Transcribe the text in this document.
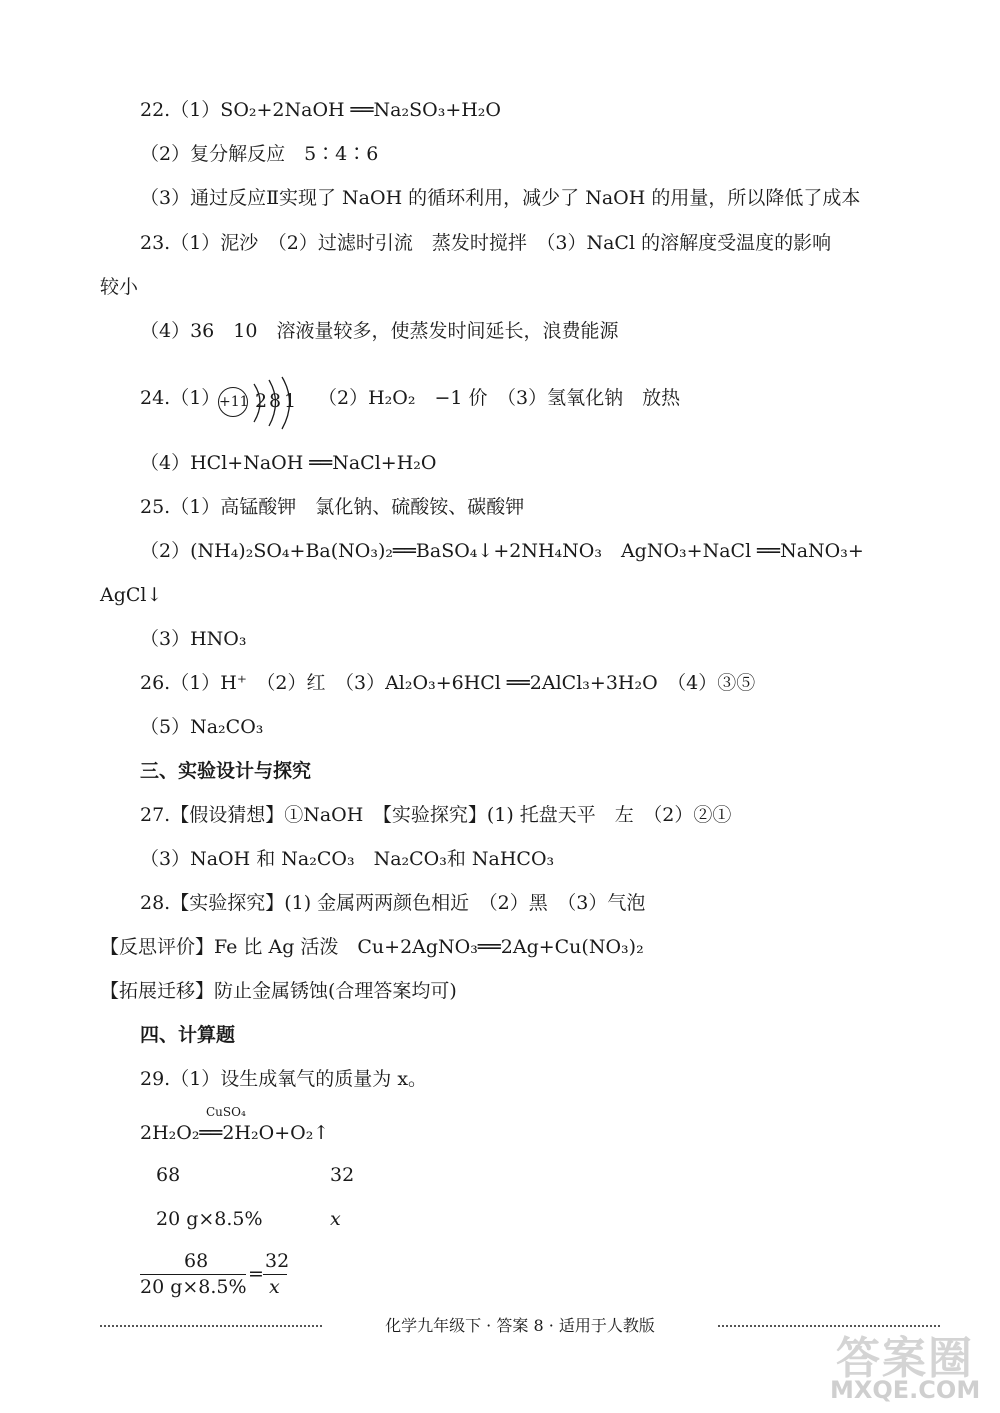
22.（1）SO₂+2NaOH ══Na₂SO₃+H₂O
（2）复分解反应　5∶4∶6
（3）通过反应Ⅱ实现了 NaOH 的循环利用，减少了 NaOH 的用量，所以降低了成本
23.（1）泥沙　（2）过滤时引流　蒸发时搅拌　（3）NaCl 的溶解度受温度的影响
较小
（4）36　10　溶液量较多，使蒸发时间延长，浪费能源
24.（1）
+11 2 8 1 （2）H₂O₂　−1 价　（3）氢氧化钠　放热
（4）HCl+NaOH ══NaCl+H₂O
25.（1）高锰酸钾　氯化钠、硫酸铵、碳酸钾
（2）(NH₄)₂SO₄+Ba(NO₃)₂══BaSO₄↓+2NH₄NO₃　AgNO₃+NaCl ══NaNO₃+
AgCl↓
（3）HNO₃
26.（1）H⁺　（2）红　（3）Al₂O₃+6HCl ══2AlCl₃+3H₂O　（4）③⑤
（5）Na₂CO₃
三、实验设计与探究
27.【假设猜想】①NaOH　【实验探究】(1) 托盘天平　左　（2）②①
（3）NaOH 和 Na₂CO₃　Na₂CO₃和 NaHCO₃
28.【实验探究】(1) 金属两两颜色相近　（2）黑　（3）气泡
【反思评价】Fe 比 Ag 活泼　Cu+2AgNO₃══2Ag+Cu(NO₃)₂
【拓展迁移】防止金属锈蚀(合理答案均可)
四、计算题
29.（1）设生成氧气的质量为 x。
CuSO₄
2H₂O₂══2H₂O+O₂↑
68	32
20 g×8.5%	x
68
20 g×8.5%
=
32
x
化学九年级下 · 答案 8 · 适用于人教版
答案圈
MXQE.COM
